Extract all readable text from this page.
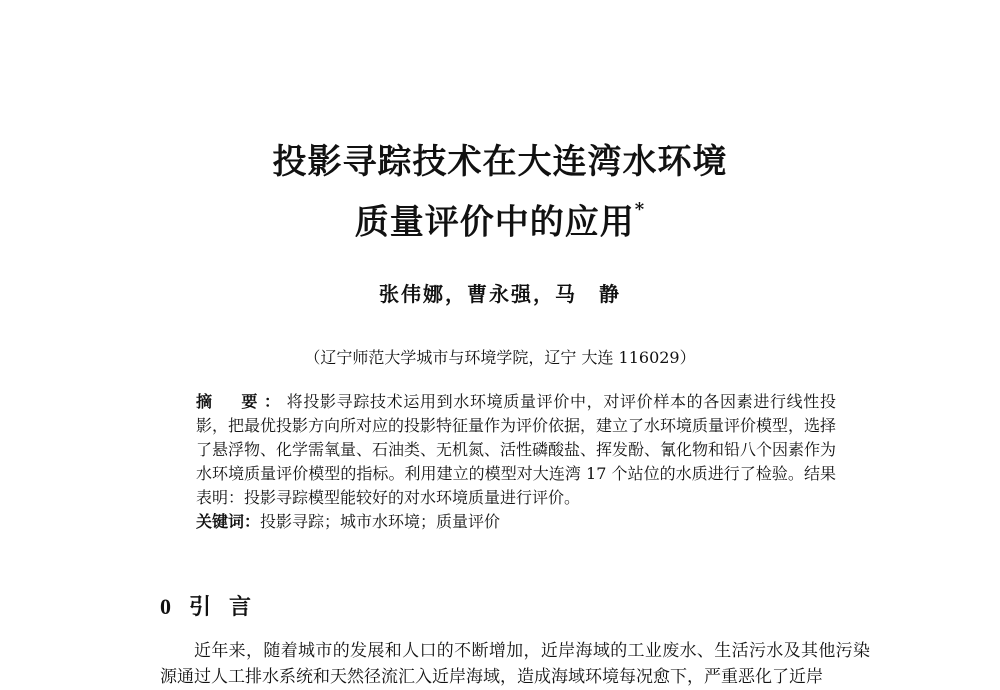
投影寻踪技术在大连湾水环境
质量评价中的应用*
张伟娜，曹永强，马　静
（辽宁师范大学城市与环境学院，辽宁 大连 116029）
摘　要：将投影寻踪技术运用到水环境质量评价中，对评价样本的各因素进行线性投影，把最优投影方向所对应的投影特征量作为评价依据，建立了水环境质量评价模型，选择了悬浮物、化学需氧量、石油类、无机氮、活性磷酸盐、挥发酚、氰化物和铅八个因素作为水环境质量评价模型的指标。利用建立的模型对大连湾 17 个站位的水质进行了检验。结果表明：投影寻踪模型能较好的对水环境质量进行评价。
关键词：投影寻踪；城市水环境；质量评价
0 引言
近年来，随着城市的发展和人口的不断增加，近岸海域的工业废水、生活污水及其他污染源通过人工排水系统和天然径流汇入近岸海域，造成海域环境每况愈下，严重恶化了近岸
